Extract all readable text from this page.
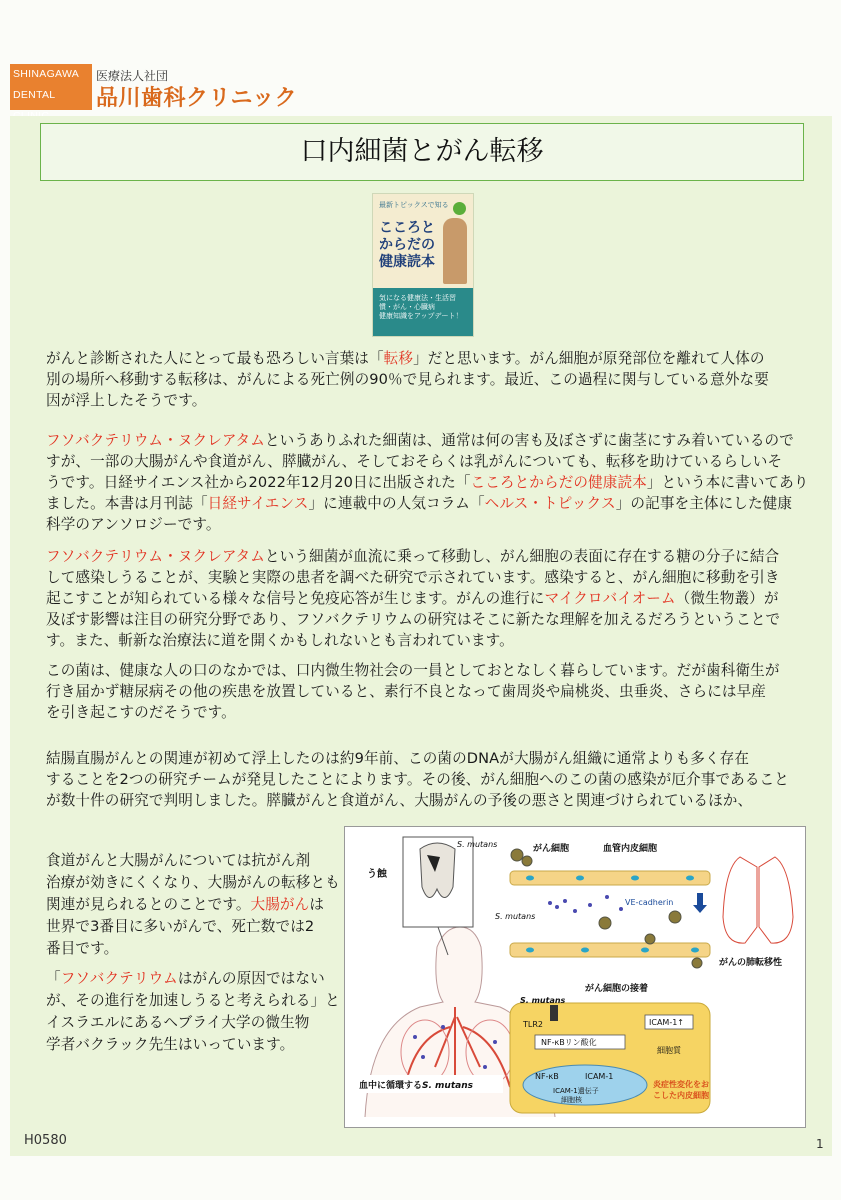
SHINAGAWA
DENTAL
医療法人社団
品川歯科クリニック
口内細菌とがん転移
最新トピックスで知る
こころと
からだの
健康読本
気になる健康法・生活習慣・がん・心臓病
健康知識をアップデート！

がんと診断された人にとって最も恐ろしい言葉は「転移」だと思います。がん細胞が原発部位を離れて人体の
別の場所へ移動する転移は、がんによる死亡例の90％で見られます。最近、この過程に関与している意外な要
因が浮上したそうです。

フソバクテリウム・ヌクレアタムというありふれた細菌は、通常は何の害も及ぼさずに歯茎にすみ着いているので
すが、一部の大腸がんや食道がん、膵臓がん、そしておそらくは乳がんについても、転移を助けているらしいそ
うです。日経サイエンス社から2022年12月20日に出版された「こころとからだの健康読本」という本に書いてあり
ました。本書は月刊誌「日経サイエンス」に連載中の人気コラム「ヘルス・トピックス」の記事を主体にした健康
科学のアンソロジーです。

フソバクテリウム・ヌクレアタムという細菌が血流に乗って移動し、がん細胞の表面に存在する糖の分子に結合
して感染しうることが、実験と実際の患者を調べた研究で示されています。感染すると、がん細胞に移動を引き
起こすことが知られている様々な信号と免疫応答が生じます。がんの進行にマイクロバイオーム（微生物叢）が
及ぼす影響は注目の研究分野であり、フソバクテリウムの研究はそこに新たな理解を加えるだろうということで
す。また、斬新な治療法に道を開くかもしれないとも言われています。

この菌は、健康な人の口のなかでは、口内微生物社会の一員としておとなしく暮らしています。だが歯科衛生が
行き届かず糖尿病その他の疾患を放置していると、素行不良となって歯周炎や扁桃炎、虫垂炎、さらには早産
を引き起こすのだそうです。

結腸直腸がんとの関連が初めて浮上したのは約9年前、この菌のDNAが大腸がん組織に通常よりも多く存在
することを2つの研究チームが発見したことによります。その後、がん細胞へのこの菌の感染が厄介事であること
が数十件の研究で判明しました。膵臓がんと食道がん、大腸がんの予後の悪さと関連づけられているほか、

食道がんと大腸がんについては抗がん剤
治療が効きにくくなり、大腸がんの転移とも
関連が見られるとのことです。大腸がんは
世界で3番目に多いがんで、死亡数では2
番目です。

「フソバクテリウムはがんの原因ではない
が、その進行を加速しうると考えられる」と
イスラエルにあるヘブライ大学の微生物
学者バクラック先生はいっています。

S. mutans
う蝕
がん細胞	血管内皮細胞
VE-cadherin
S. mutans
がんの肺転移性
がん細胞の接着
S. mutans
TLR2	ICAM-1↑
NF-κBリン酸化
細胞質
NF-κB	ICAM-1
ICAM-1遺伝子細胞核
炎症性変化をおこした内皮細胞
血中に循環するS. mutans
H0580	1
